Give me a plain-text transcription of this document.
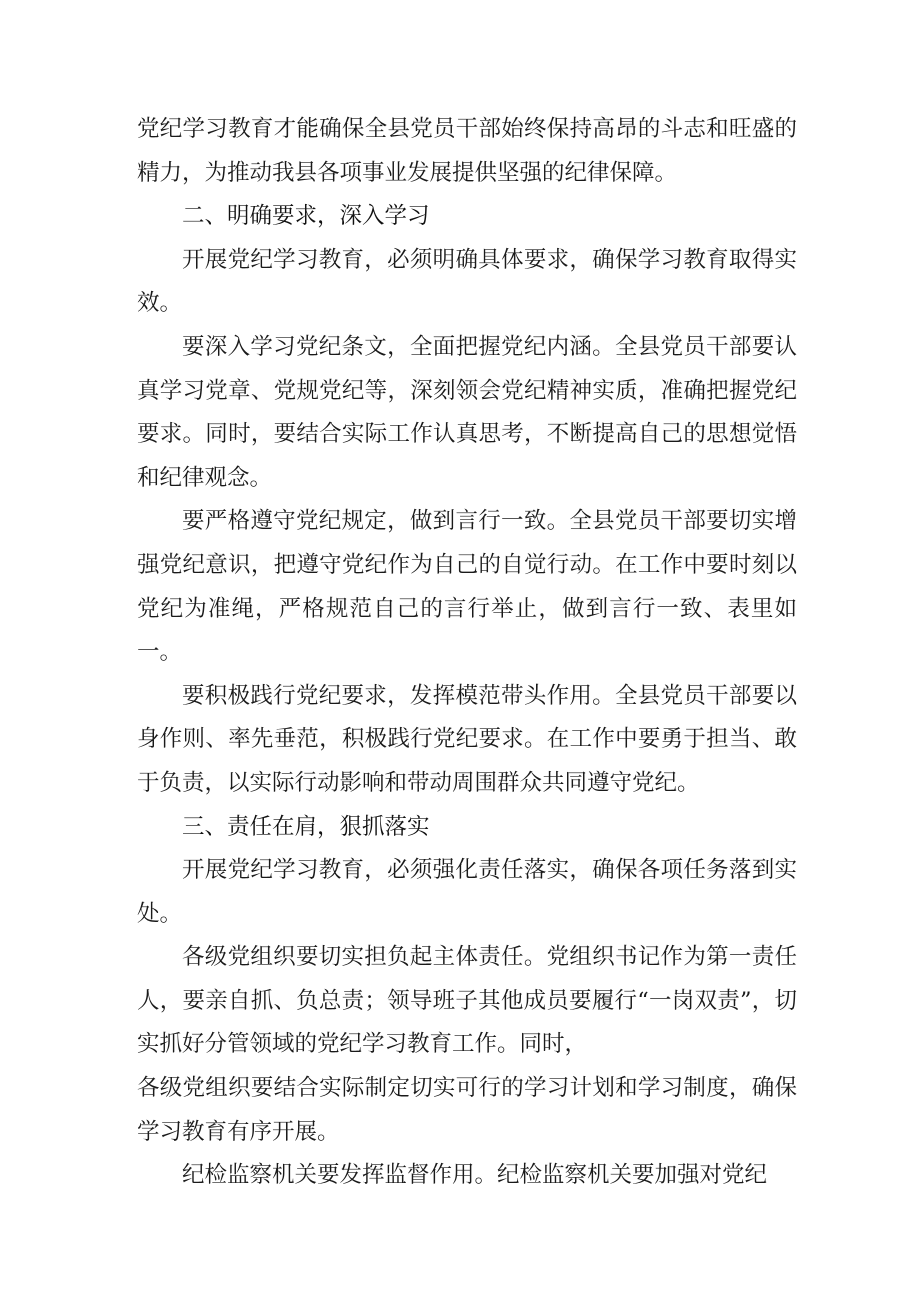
党纪学习教育才能确保全县党员干部始终保持高昂的斗志和旺盛的精力，为推动我县各项事业发展提供坚强的纪律保障。

二、明确要求，深入学习

开展党纪学习教育，必须明确具体要求，确保学习教育取得实效。

要深入学习党纪条文，全面把握党纪内涵。全县党员干部要认真学习党章、党规党纪等，深刻领会党纪精神实质，准确把握党纪要求。同时，要结合实际工作认真思考，不断提高自己的思想觉悟和纪律观念。

要严格遵守党纪规定，做到言行一致。全县党员干部要切实增强党纪意识，把遵守党纪作为自己的自觉行动。在工作中要时刻以党纪为准绳，严格规范自己的言行举止，做到言行一致、表里如一。

要积极践行党纪要求，发挥模范带头作用。全县党员干部要以身作则、率先垂范，积极践行党纪要求。在工作中要勇于担当、敢于负责，以实际行动影响和带动周围群众共同遵守党纪。

三、责任在肩，狠抓落实

开展党纪学习教育，必须强化责任落实，确保各项任务落到实处。

各级党组织要切实担负起主体责任。党组织书记作为第一责任人，要亲自抓、负总责；领导班子其他成员要履行“一岗双责”，切实抓好分管领域的党纪学习教育工作。同时，

各级党组织要结合实际制定切实可行的学习计划和学习制度，确保学习教育有序开展。

纪检监察机关要发挥监督作用。纪检监察机关要加强对党纪
